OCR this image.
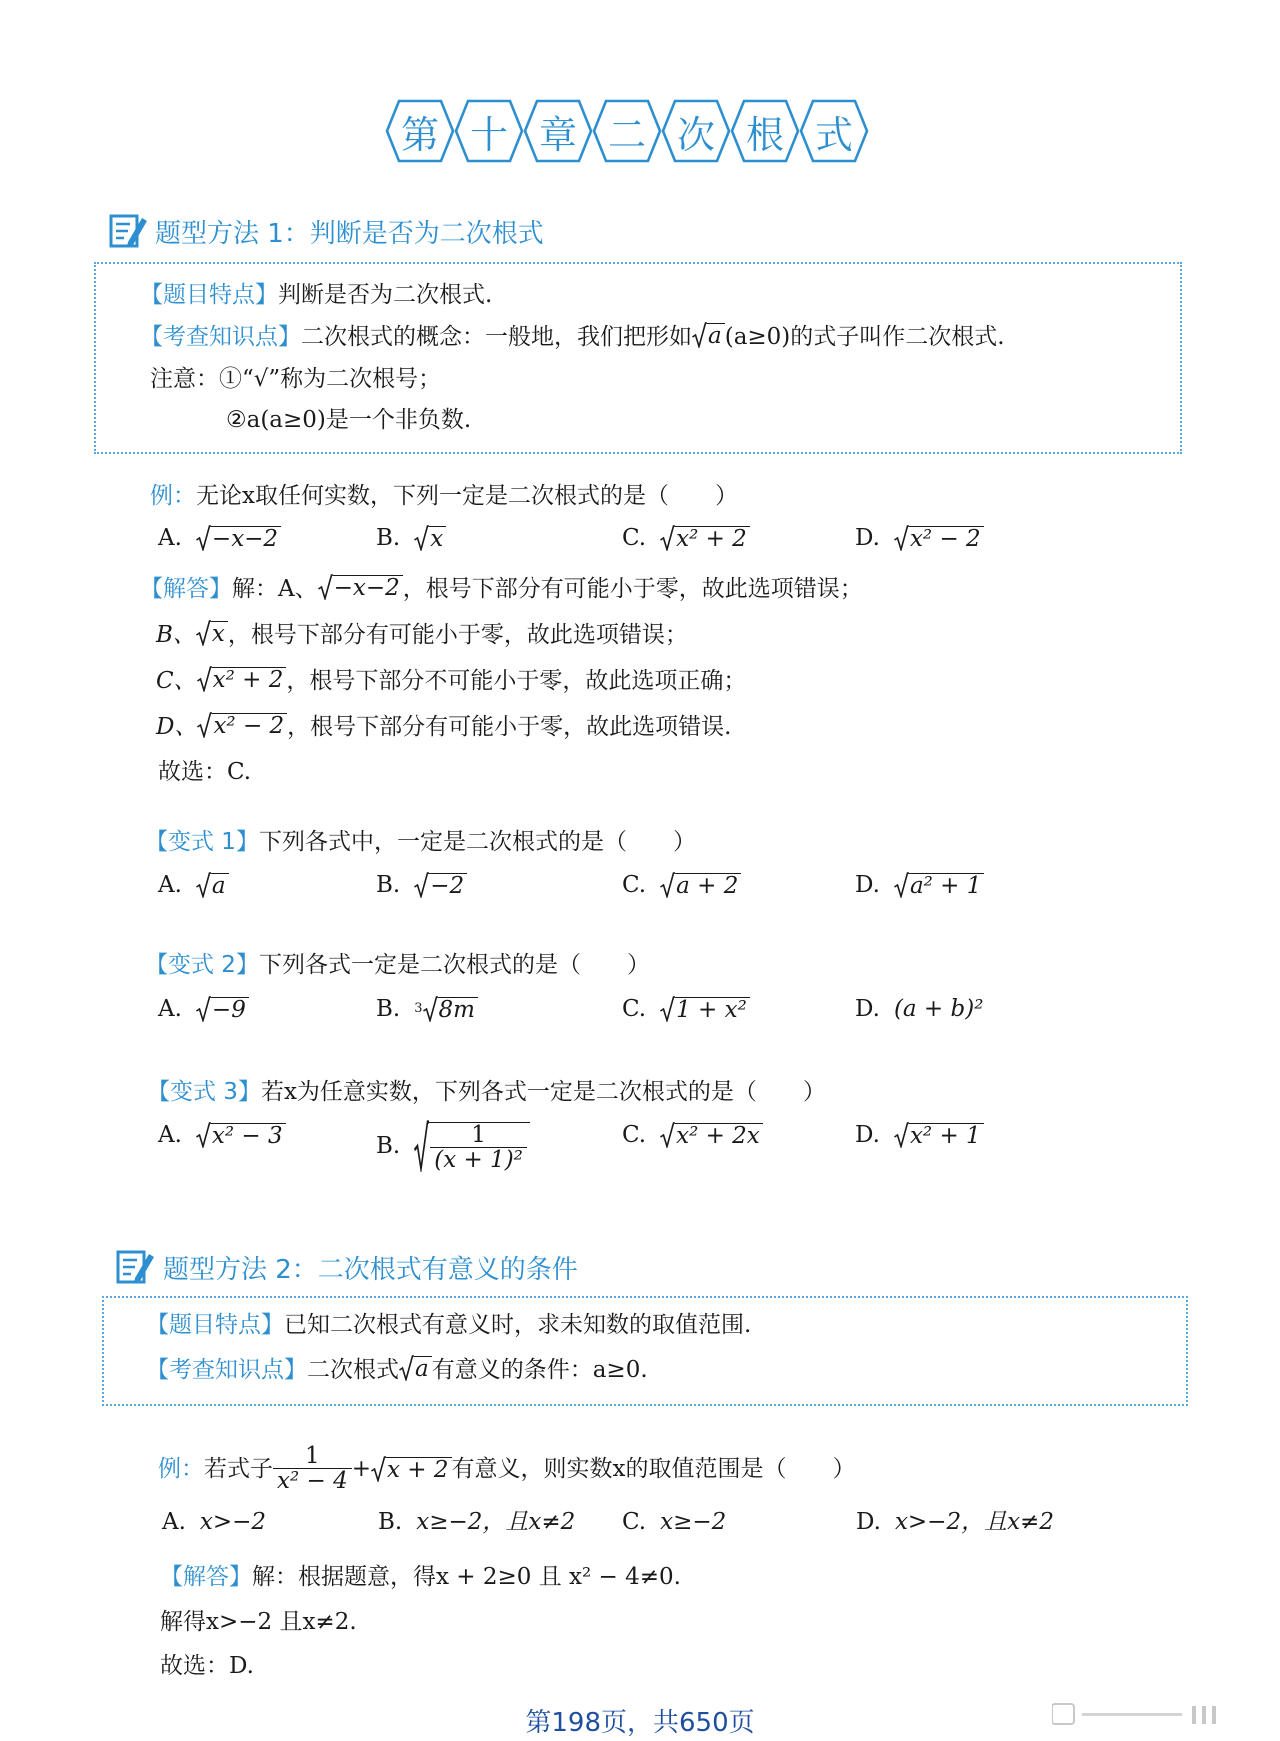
第 十 章 二 次 根 式
题型方法 1：判断是否为二次根式
【题目特点】判断是否为二次根式.
【考查知识点】二次根式的概念：一般地，我们把形如 a (a≥0)的式子叫作二次根式.
注意：①“√”称为二次根号；
②a(a≥0)是一个非负数.
例：无论x取任何实数，下列一定是二次根式的是（　　）
A. −x−2	B. x	C. x² + 2	D. x² − 2
【解答】解：A、 −x−2 ，根号下部分有可能小于零，故此选项错误；
B、 x ，根号下部分有可能小于零，故此选项错误；
C、 x² + 2 ，根号下部分不可能小于零，故此选项正确；
D、 x² − 2 ，根号下部分有可能小于零，故此选项错误.
故选：C.
【变式 1】下列各式中，一定是二次根式的是（　　）
A. a	B. −2	C. a + 2	D. a² + 1
【变式 2】下列各式一定是二次根式的是（　　）
A. −9	B. 3 8m	C. 1 + x²	D. (a + b)²
【变式 3】若x为任意实数，下列各式一定是二次根式的是（　　）
A. x² − 3	B. $\frac{1}{\text{(x + 1)²}}$	C. x² + 2x	D. x² + 1
题型方法 2：二次根式有意义的条件
【题目特点】已知二次根式有意义时，求未知数的取值范围.
【考查知识点】二次根式 a 有意义的条件：a≥0.
例： 若式子 $\frac{1}{\text{x² − 4}} + x + 2$ 有意义，则实数x的取值范围是（　　）
A. x>−2	B. x≥−2，且x≠2 C. x≥−2	D. x>−2，且x≠2
【解答】解：根据题意，得x + 2≥0 且 x² − 4≠0.
解得x>−2 且x≠2.
故选：D.
第198页，共650页
